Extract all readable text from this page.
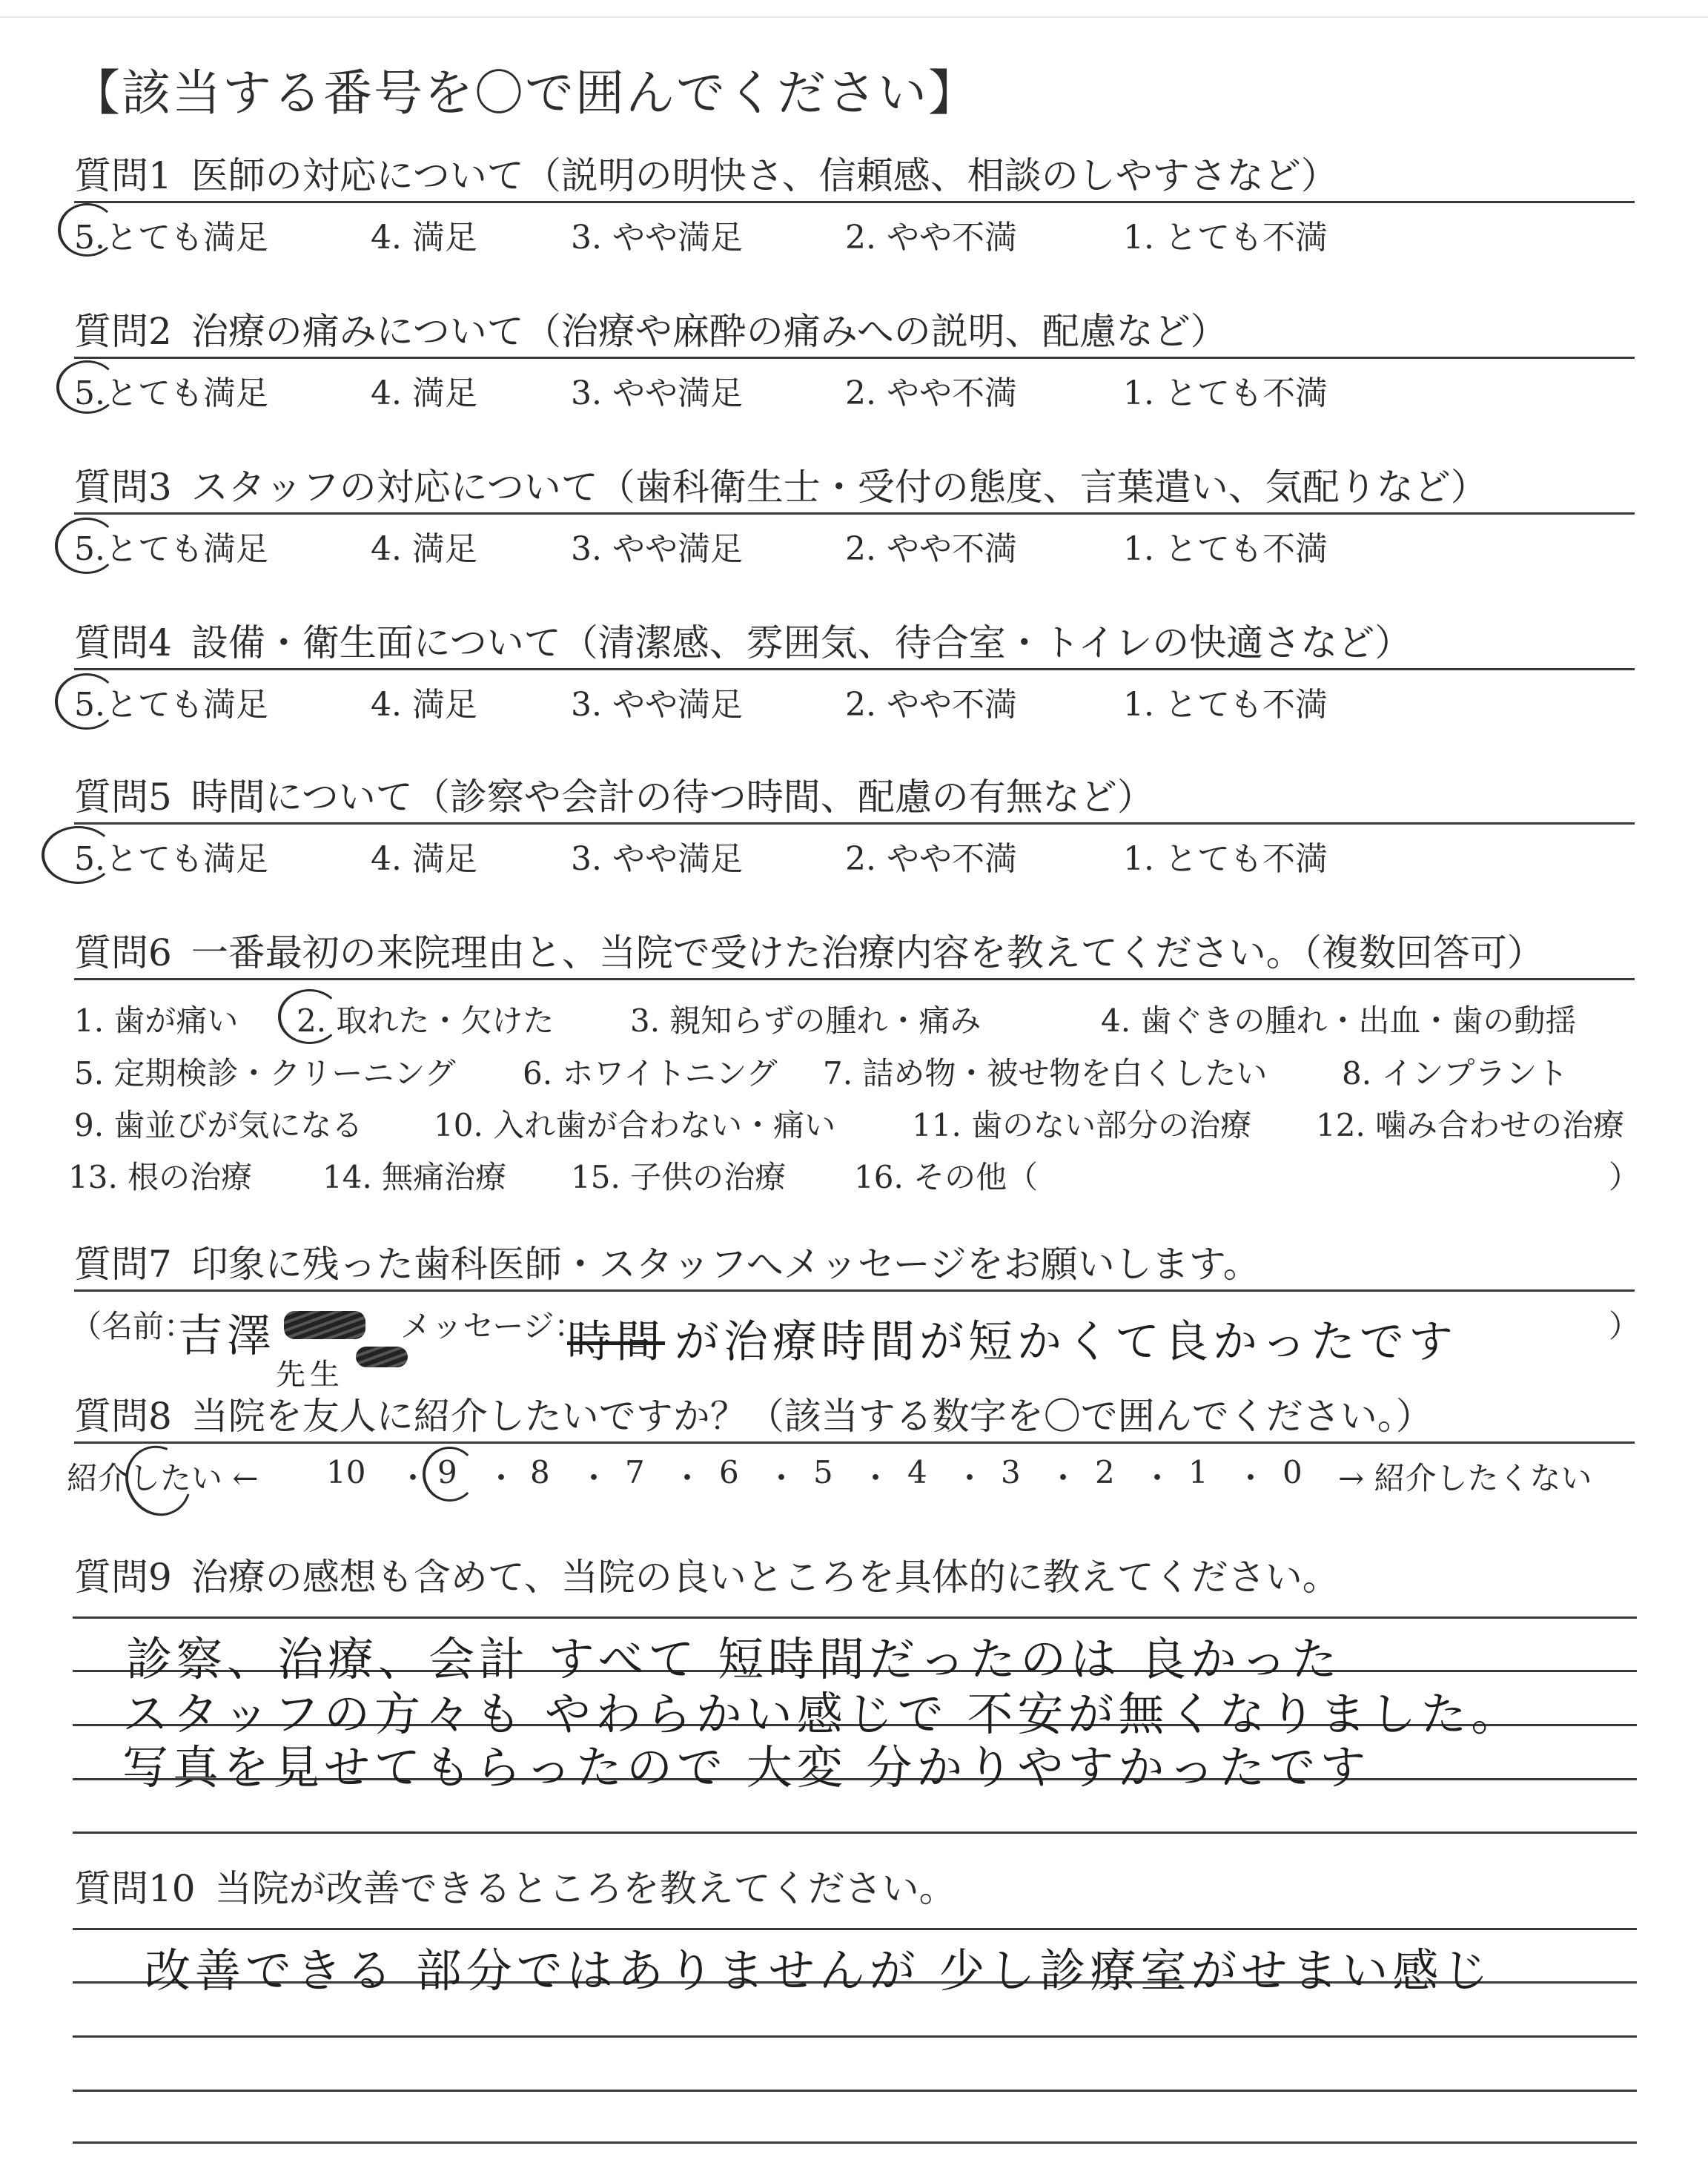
【該当する番号を〇で囲んでください】
質問1 医師の対応について（説明の明快さ、信頼感、相談のしやすさなど）
5.とても満足	4. 満足	3. やや満足	2. やや不満	1. とても不満
質問2 治療の痛みについて（治療や麻酔の痛みへの説明、配慮など）
5.とても満足	4. 満足	3. やや満足	2. やや不満	1. とても不満
質問3 スタッフの対応について（歯科衛生士・受付の態度、言葉遣い、気配りなど）
5.とても満足	4. 満足	3. やや満足	2. やや不満	1. とても不満
質問4 設備・衛生面について（清潔感、雰囲気、待合室・トイレの快適さなど）
5.とても満足	4. 満足	3. やや満足	2. やや不満	1. とても不満
質問5 時間について（診察や会計の待つ時間、配慮の有無など）
5.とても満足	4. 満足	3. やや満足	2. やや不満	1. とても不満
質問6 一番最初の来院理由と、当院で受けた治療内容を教えてください。（複数回答可）
1. 歯が痛い 2. 取れた・欠けた 3. 親知らずの腫れ・痛み	4. 歯ぐきの腫れ・出血・歯の動揺
5. 定期検診・クリーニング 6. ホワイトニング 7. 詰め物・被せ物を白くしたい 8. インプラント
9. 歯並びが気になる 10. 入れ歯が合わない・痛い 11. 歯のない部分の治療 12. 噛み合わせの治療
13. 根の治療 14. 無痛治療 15. 子供の治療 16. その他（	）
質問7 印象に残った歯科医師・スタッフへメッセージをお願いします。
（名前：
吉澤
先生
メッセージ：
時間 が治療時間が短かくて良かったです	）
質問8 当院を友人に紹介したいですか？（該当する数字を〇で囲んでください。）
紹介したい ← 10 ・ 9 ・ 8 ・ 7 ・ 6 ・ 5 ・ 4 ・ 3 ・ 2 ・ 1 ・ 0 → 紹介したくない
質問9 治療の感想も含めて、当院の良いところを具体的に教えてください。
診察、治療、会計 すべて 短時間だったのは 良かった
スタッフの方々も やわらかい感じで 不安が無くなりました。
写真を見せてもらったので 大変 分かりやすかったです
質問10 当院が改善できるところを教えてください。
改善できる 部分ではありませんが 少し診療室がせまい感じ
